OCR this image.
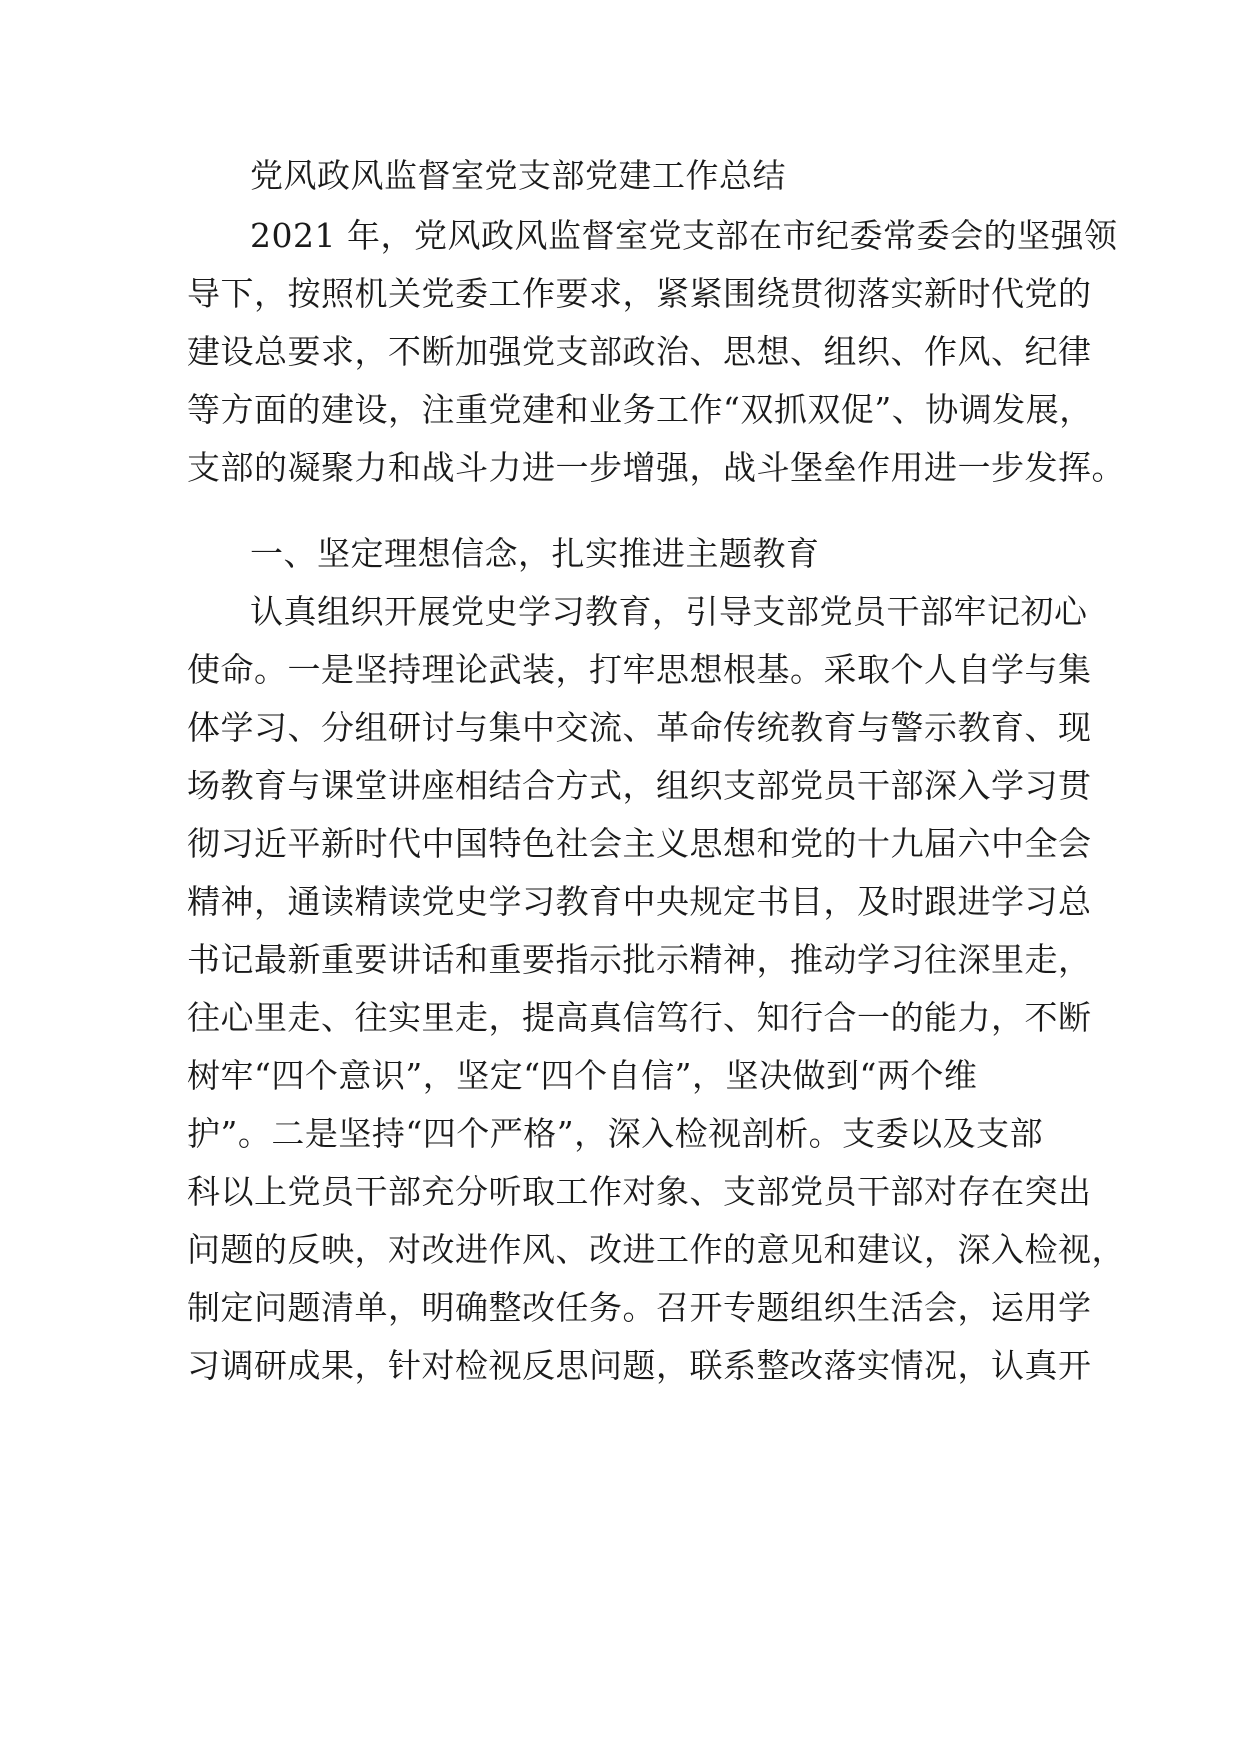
党风政风监督室党支部党建工作总结
2021 年，党风政风监督室党支部在市纪委常委会的坚强领
导下，按照机关党委工作要求，紧紧围绕贯彻落实新时代党的
建设总要求，不断加强党支部政治、思想、组织、作风、纪律
等方面的建设，注重党建和业务工作“双抓双促”、协调发展，
支部的凝聚力和战斗力进一步增强，战斗堡垒作用进一步发挥。
一、坚定理想信念，扎实推进主题教育
认真组织开展党史学习教育，引导支部党员干部牢记初心
使命。一是坚持理论武装，打牢思想根基。采取个人自学与集
体学习、分组研讨与集中交流、革命传统教育与警示教育、现
场教育与课堂讲座相结合方式，组织支部党员干部深入学习贯
彻习近平新时代中国特色社会主义思想和党的十九届六中全会
精神，通读精读党史学习教育中央规定书目，及时跟进学习总
书记最新重要讲话和重要指示批示精神，推动学习往深里走，
往心里走、往实里走，提高真信笃行、知行合一的能力，不断
树牢“四个意识”，坚定“四个自信”，坚决做到“两个维
护”。二是坚持“四个严格”，深入检视剖析。支委以及支部
科以上党员干部充分听取工作对象、支部党员干部对存在突出
问题的反映，对改进作风、改进工作的意见和建议，深入检视，
制定问题清单，明确整改任务。召开专题组织生活会，运用学
习调研成果，针对检视反思问题，联系整改落实情况，认真开
